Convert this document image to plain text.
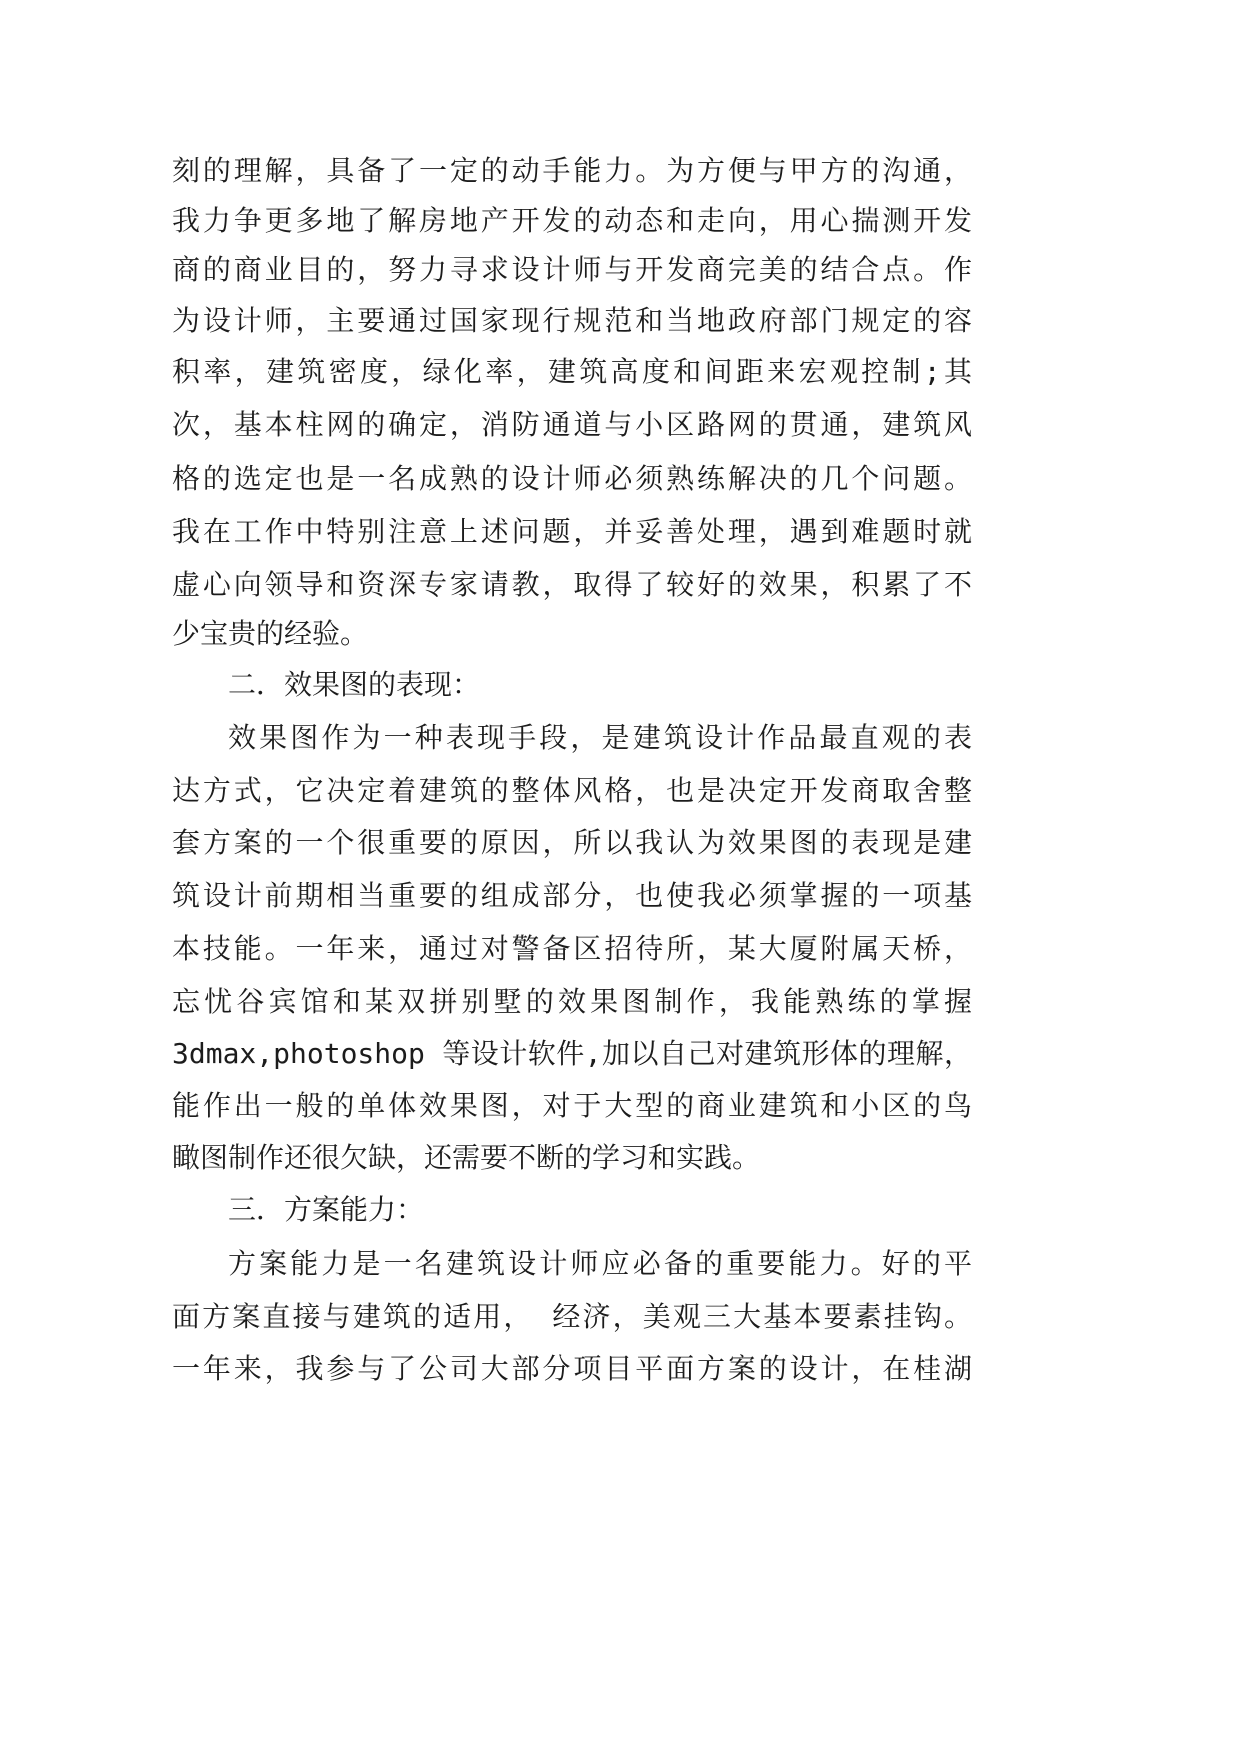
刻的理解，具备了一定的动手能力。为方便与甲方的沟通，
我力争更多地了解房地产开发的动态和走向，用心揣测开发
商的商业目的，努力寻求设计师与开发商完美的结合点。作
为设计师，主要通过国家现行规范和当地政府部门规定的容
积率，建筑密度，绿化率，建筑高度和间距来宏观控制;其
次，基本柱网的确定，消防通道与小区路网的贯通，建筑风
格的选定也是一名成熟的设计师必须熟练解决的几个问题。
我在工作中特别注意上述问题，并妥善处理，遇到难题时就
虚心向领导和资深专家请教，取得了较好的效果，积累了不
少宝贵的经验。
二．效果图的表现：
效果图作为一种表现手段，是建筑设计作品最直观的表
达方式，它决定着建筑的整体风格，也是决定开发商取舍整
套方案的一个很重要的原因，所以我认为效果图的表现是建
筑设计前期相当重要的组成部分，也使我必须掌握的一项基
本技能。一年来，通过对警备区招待所，某大厦附属天桥，
忘忧谷宾馆和某双拼别墅的效果图制作，我能熟练的掌握
3dmax,photoshop 等设计软件,加以自己对建筑形体的理解，
能作出一般的单体效果图，对于大型的商业建筑和小区的鸟
瞰图制作还很欠缺，还需要不断的学习和实践。
三．方案能力：
方案能力是一名建筑设计师应必备的重要能力。好的平
面方案直接与建筑的适用， 经济，美观三大基本要素挂钩。
一年来，我参与了公司大部分项目平面方案的设计，在桂湖
